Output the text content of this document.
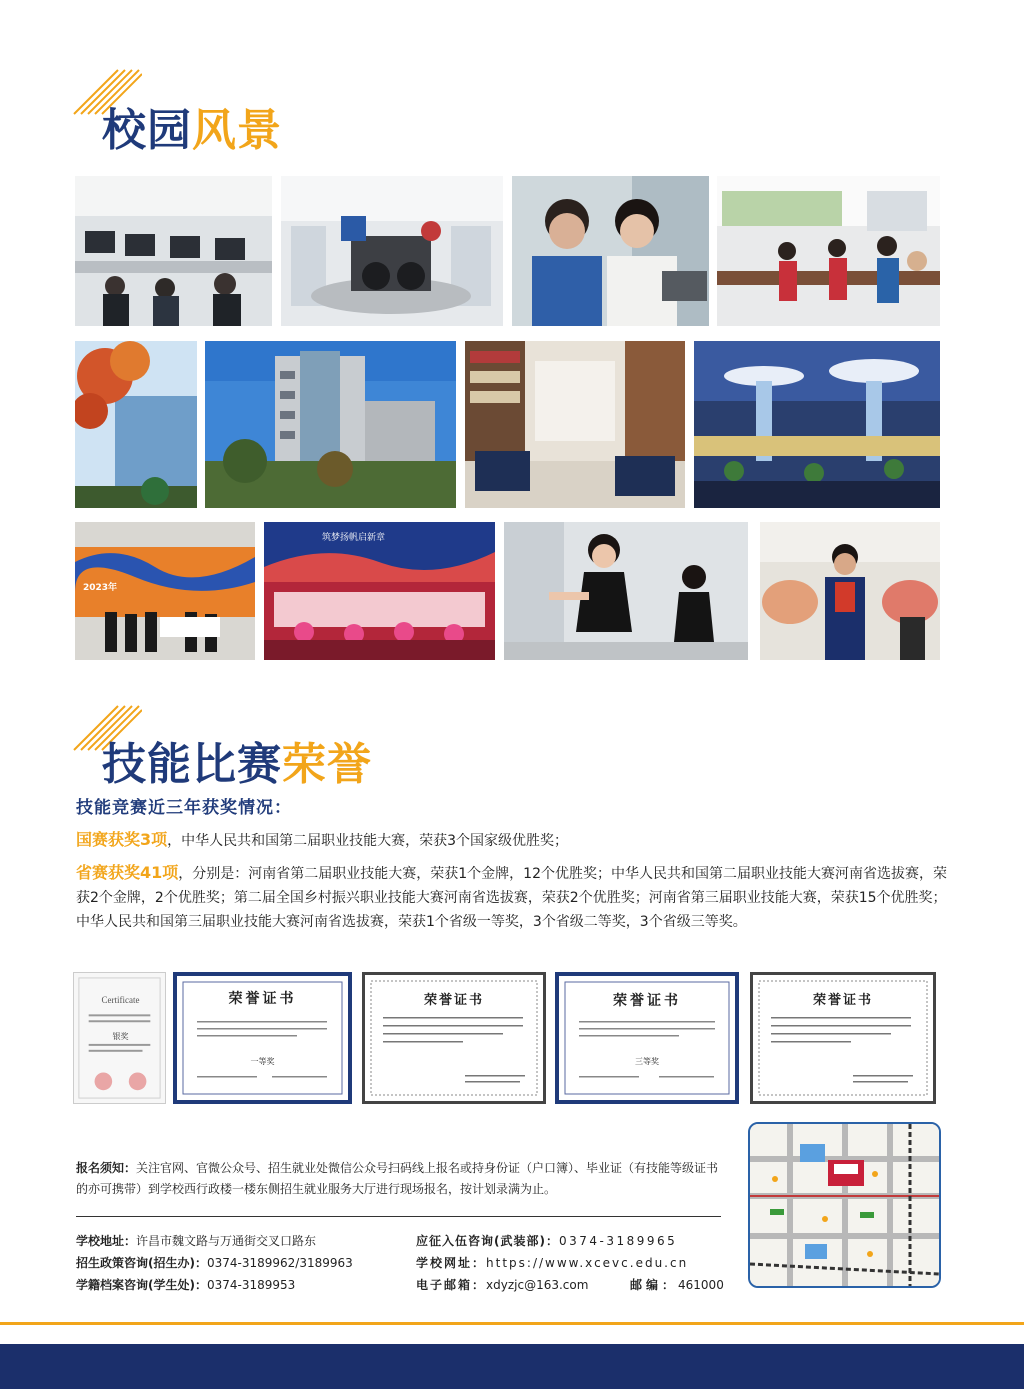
校园风景
2023年
筑梦扬帆启新章
技能比赛荣誉
技能竞赛近三年获奖情况：
国赛获奖3项，中华人民共和国第二届职业技能大赛，荣获3个国家级优胜奖；
省赛获奖41项，分别是：河南省第二届职业技能大赛，荣获1个金牌，12个优胜奖；中华人民共和国第二届职业技能大赛河南省选拔赛，荣获2个金牌，2个优胜奖；第二届全国乡村振兴职业技能大赛河南省选拔赛，荣获2个优胜奖；河南省第三届职业技能大赛，荣获15个优胜奖；中华人民共和国第三届职业技能大赛河南省选拔赛，荣获1个省级一等奖，3个省级二等奖，3个省级三等奖。
Certificate
银奖
荣誉证书
一等奖
荣誉证书	荣誉证书
三等奖
荣誉证书
报名须知：关注官网、官微公众号、招生就业处微信公众号扫码线上报名或持身份证（户口簿）、毕业证（有技能等级证书的亦可携带）到学校西行政楼一楼东侧招生就业服务大厅进行现场报名，按计划录满为止。
学校地址：许昌市魏文路与万通街交叉口路东
招生政策咨询(招生办)：0374-3189962/3189963
学籍档案咨询(学生处)：0374-3189953
应征入伍咨询(武装部)：0374-3189965
学校网址：https://www.xcevc.edu.cn
电子邮箱：xdyzjc@163.com	邮编：461000
